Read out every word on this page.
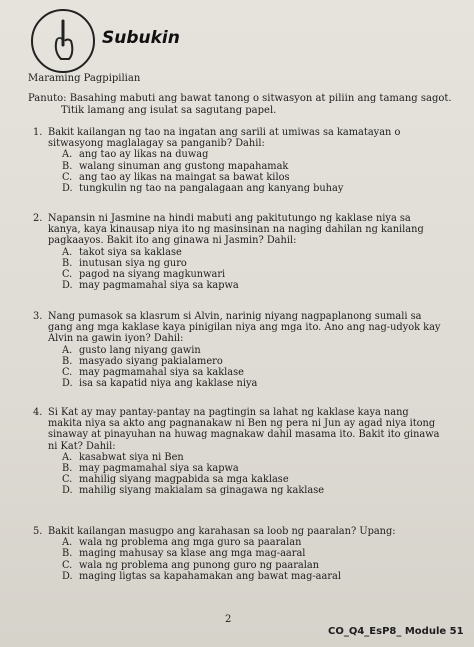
Subukin
Maraming Pagpipilian
Panuto: Basahing mabuti ang bawat tanong o sitwasyon at piliin ang tamang sagot.
Titik lamang ang isulat sa sagutang papel.
1. Bakit kailangan ng tao na ingatan ang sarili at umiwas sa kamatayan o
sitwasyong maglalagay sa panganib? Dahil:
A. ang tao ay likas na duwag
B. walang sinuman ang gustong mapahamak
C. ang tao ay likas na maingat sa bawat kilos
D. tungkulin ng tao na pangalagaan ang kanyang buhay
2. Napansin ni Jasmine na hindi mabuti ang pakitutungo ng kaklase niya sa
kanya, kaya kinausap niya ito ng masinsinan na naging dahilan ng kanilang
pagkaayos. Bakit ito ang ginawa ni Jasmin? Dahil:
A. takot siya sa kaklase
B. inutusan siya ng guro
C. pagod na siyang magkunwari
D. may pagmamahal siya sa kapwa
3. Nang pumasok sa klasrum si Alvin, narinig niyang nagpaplanong sumali sa
gang ang mga kaklase kaya pinigilan niya ang mga ito. Ano ang nag-udyok kay
Alvin na gawin iyon? Dahil:
A. gusto lang niyang gawin
B. masyado siyang pakialamero
C. may pagmamahal siya sa kaklase
D. isa sa kapatid niya ang kaklase niya
4. Si Kat ay may pantay-pantay na pagtingin sa lahat ng kaklase kaya nang
makita niya sa akto ang pagnanakaw ni Ben ng pera ni Jun ay agad niya itong
sinaway at pinayuhan na huwag magnakaw dahil masama ito. Bakit ito ginawa
ni Kat? Dahil:
A. kasabwat siya ni Ben
B. may pagmamahal siya sa kapwa
C. mahilig siyang magpabida sa mga kaklase
D. mahilig siyang makialam sa ginagawa ng kaklase
5. Bakit kailangan masugpo ang karahasan sa loob ng paaralan? Upang:
A. wala ng problema ang mga guro sa paaralan
B. maging mahusay sa klase ang mga mag-aaral
C. wala ng problema ang punong guro ng paaralan
D. maging ligtas sa kapahamakan ang bawat mag-aaral
2
CO_Q4_EsP8_ Module 51
